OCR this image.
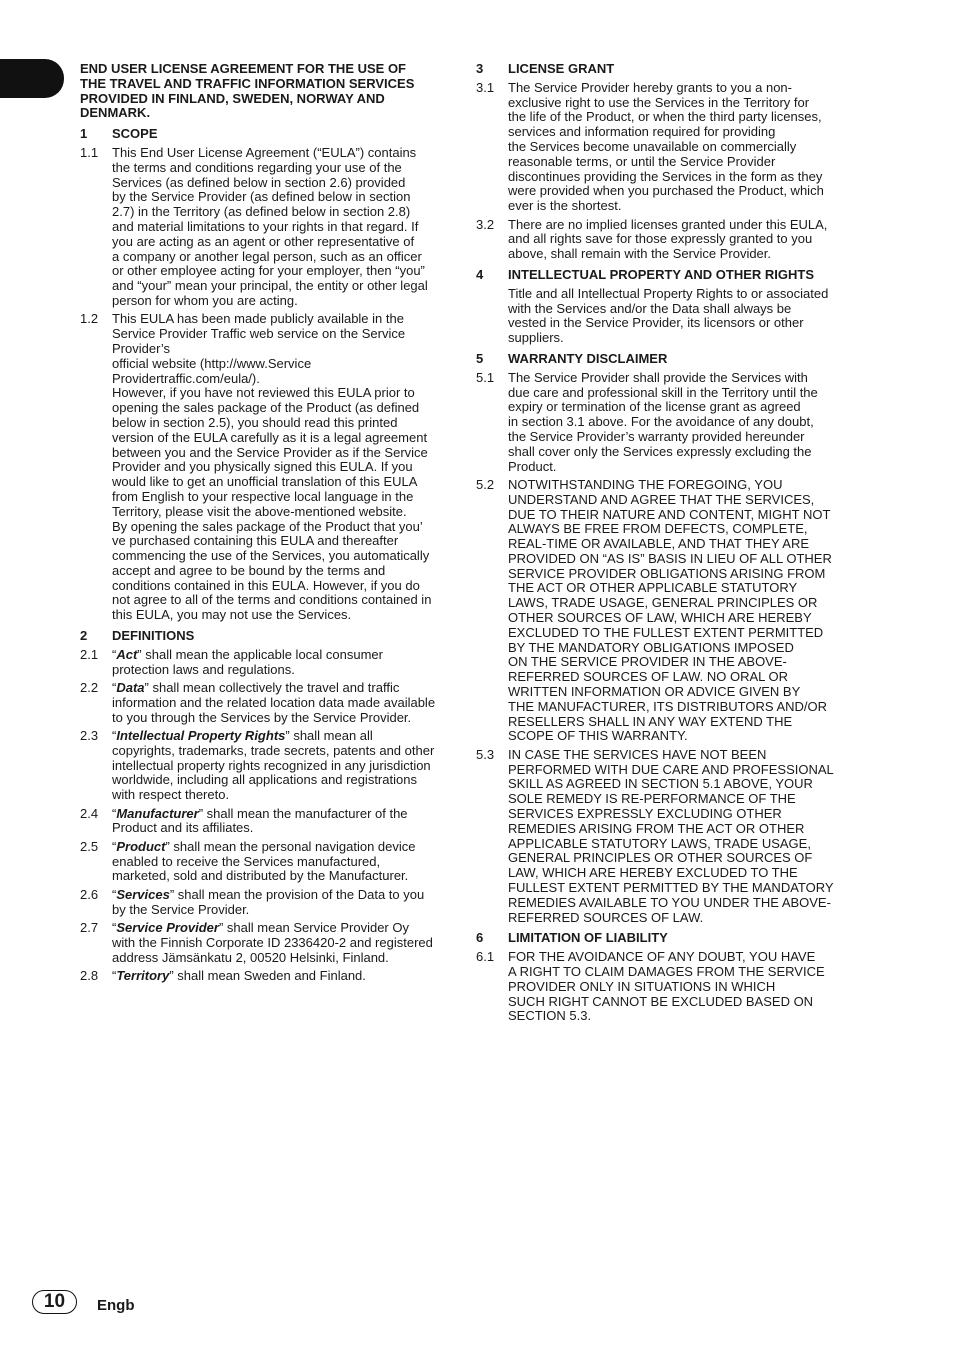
END USER LICENSE AGREEMENT FOR THE USE OF
THE TRAVEL AND TRAFFIC INFORMATION SERVICES
PROVIDED IN FINLAND, SWEDEN, NORWAY AND
DENMARK.
1	SCOPE
1.1	This End User License Agreement (“EULA”) contains
the terms and conditions regarding your use of the
Services (as defined below in section 2.6) provided
by the Service Provider (as defined below in section
2.7) in the Territory (as defined below in section 2.8)
and material limitations to your rights in that regard. If
you are acting as an agent or other representative of
a company or another legal person, such as an officer
or other employee acting for your employer, then “you”
and “your” mean your principal, the entity or other legal
person for whom you are acting.
1.2	This EULA has been made publicly available in the
Service Provider Traffic web service on the Service Provider’s
official website (http://www.Service Providertraffic.com/eula/).
However, if you have not reviewed this EULA prior to
opening the sales package of the Product (as defined
below in section 2.5), you should read this printed
version of the EULA carefully as it is a legal agreement
between you and the Service Provider as if the Service
Provider and you physically signed this EULA. If you
would like to get an unofficial translation of this EULA
from English to your respective local language in the
Territory, please visit the above-mentioned website.
By opening the sales package of the Product that you’
ve purchased containing this EULA and thereafter
commencing the use of the Services, you automatically
accept and agree to be bound by the terms and
conditions contained in this EULA. However, if you do
not agree to all of the terms and conditions contained in
this EULA, you may not use the Services.
2	DEFINITIONS
2.1	“Act” shall mean the applicable local consumer
protection laws and regulations.
2.2	“Data” shall mean collectively the travel and traffic
information and the related location data made available
to you through the Services by the Service Provider.
2.3	“Intellectual Property Rights” shall mean all
copyrights, trademarks, trade secrets, patents and other
intellectual property rights recognized in any jurisdiction
worldwide, including all applications and registrations
with respect thereto.
2.4	“Manufacturer” shall mean the manufacturer of the
Product and its affiliates.
2.5	“Product” shall mean the personal navigation device
enabled to receive the Services manufactured,
marketed, sold and distributed by the Manufacturer.
2.6	“Services” shall mean the provision of the Data to you
by the Service Provider.
2.7	“Service Provider” shall mean Service Provider Oy
with the Finnish Corporate ID 2336420-2 and registered
address Jämsänkatu 2, 00520 Helsinki, Finland.
2.8	“Territory” shall mean Sweden and Finland.
3	LICENSE GRANT
3.1	The Service Provider hereby grants to you a non-
exclusive right to use the Services in the Territory for
the life of the Product, or when the third party licenses,
services and information required for providing
the Services become unavailable on commercially
reasonable terms, or until the Service Provider
discontinues providing the Services in the form as they
were provided when you purchased the Product, which
ever is the shortest.
3.2	There are no implied licenses granted under this EULA,
and all rights save for those expressly granted to you
above, shall remain with the Service Provider.
4	INTELLECTUAL PROPERTY AND OTHER RIGHTS
Title and all Intellectual Property Rights to or associated
with the Services and/or the Data shall always be
vested in the Service Provider, its licensors or other
suppliers.
5	WARRANTY DISCLAIMER
5.1	The Service Provider shall provide the Services with
due care and professional skill in the Territory until the
expiry or termination of the license grant as agreed
in section 3.1 above. For the avoidance of any doubt,
the Service Provider’s warranty provided hereunder
shall cover only the Services expressly excluding the
Product.
5.2	NOTWITHSTANDING THE FOREGOING, YOU
UNDERSTAND AND AGREE THAT THE SERVICES,
DUE TO THEIR NATURE AND CONTENT, MIGHT NOT
ALWAYS BE FREE FROM DEFECTS, COMPLETE,
REAL-TIME OR AVAILABLE, AND THAT THEY ARE
PROVIDED ON “AS IS” BASIS IN LIEU OF ALL OTHER
SERVICE PROVIDER OBLIGATIONS ARISING FROM
THE ACT OR OTHER APPLICABLE STATUTORY
LAWS, TRADE USAGE, GENERAL PRINCIPLES OR
OTHER SOURCES OF LAW, WHICH ARE HEREBY
EXCLUDED TO THE FULLEST EXTENT PERMITTED
BY THE MANDATORY OBLIGATIONS IMPOSED
ON THE SERVICE PROVIDER IN THE ABOVE-
REFERRED SOURCES OF LAW. NO ORAL OR
WRITTEN INFORMATION OR ADVICE GIVEN BY
THE MANUFACTURER, ITS DISTRIBUTORS AND/OR
RESELLERS SHALL IN ANY WAY EXTEND THE
SCOPE OF THIS WARRANTY.
5.3	IN CASE THE SERVICES HAVE NOT BEEN
PERFORMED WITH DUE CARE AND PROFESSIONAL
SKILL AS AGREED IN SECTION 5.1 ABOVE, YOUR
SOLE REMEDY IS RE-PERFORMANCE OF THE
SERVICES EXPRESSLY EXCLUDING OTHER
REMEDIES ARISING FROM THE ACT OR OTHER
APPLICABLE STATUTORY LAWS, TRADE USAGE,
GENERAL PRINCIPLES OR OTHER SOURCES OF
LAW, WHICH ARE HEREBY EXCLUDED TO THE
FULLEST EXTENT PERMITTED BY THE MANDATORY
REMEDIES AVAILABLE TO YOU UNDER THE ABOVE-
REFERRED SOURCES OF LAW.
6	LIMITATION OF LIABILITY
6.1	FOR THE AVOIDANCE OF ANY DOUBT, YOU HAVE
A RIGHT TO CLAIM DAMAGES FROM THE SERVICE
PROVIDER ONLY IN SITUATIONS IN WHICH
SUCH RIGHT CANNOT BE EXCLUDED BASED ON
SECTION 5.3.
10	Engb
